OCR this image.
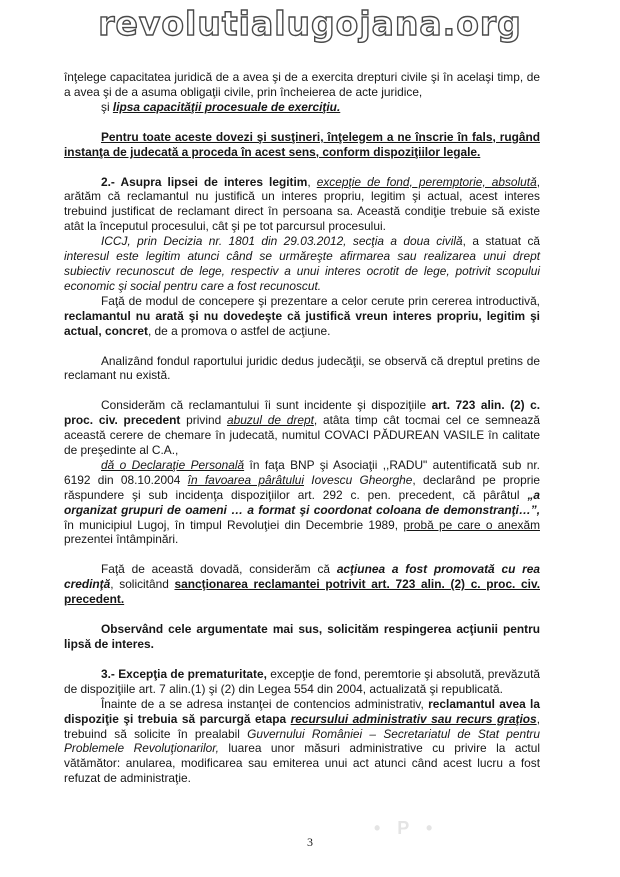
revolutialugojana.org

înţelege capacitatea juridică de a avea şi de a exercita drepturi civile şi în acelaşi timp, de a avea şi de a asuma obligaţii civile, prin încheierea de acte juridice,
şi lipsa capacităţii procesuale de exerciţiu.

Pentru toate aceste dovezi şi susţineri, înţelegem a ne înscrie în fals, rugând instanţa de judecată a proceda în acest sens, conform dispoziţiilor legale.

2.- Asupra lipsei de interes legitim, excepţie de fond, peremptorie, absolută, arătăm că reclamantul nu justifică un interes propriu, legitim şi actual, acest interes trebuind justificat de reclamant direct în persoana sa. Această condiţie trebuie să existe atât la începutul procesului, cât şi pe tot parcursul procesului.

ICCJ, prin Decizia nr. 1801 din 29.03.2012, secţia a doua civilă, a statuat că interesul este legitim atunci când se urmăreşte afirmarea sau realizarea unui drept subiectiv recunoscut de lege, respectiv a unui interes ocrotit de lege, potrivit scopului economic şi social pentru care a fost recunoscut.

Faţă de modul de concepere şi prezentare a celor cerute prin cererea introductivă, reclamantul nu arată şi nu dovedeşte că justifică vreun interes propriu, legitim şi actual, concret, de a promova o astfel de acţiune.

Analizând fondul raportului juridic dedus judecăţii, se observă că dreptul pretins de reclamant nu există.

Considerăm că reclamantului îi sunt incidente şi dispoziţiile art. 723 alin. (2) c. proc. civ. precedent privind abuzul de drept, atâta timp cât tocmai cel ce semnează această cerere de chemare în judecată, numitul COVACI PĂDUREAN VASILE în calitate de preşedinte al C.A.,

dă o Declaraţie Personală în faţa BNP şi Asociaţii ,,RADU" autentificată sub nr. 6192 din 08.10.2004 în favoarea pârâtului Iovescu Gheorghe, declarând pe proprie răspundere şi sub incidenţa dispoziţiilor art. 292 c. pen. precedent, că pârâtul „a organizat grupuri de oameni … a format şi coordonat coloana de demonstranţi…”, în municipiul Lugoj, în timpul Revoluţiei din Decembrie 1989, probă pe care o anexăm prezentei întâmpinări.

Faţă de această dovadă, considerăm că acţiunea a fost promovată cu rea credinţă, solicitând sancţionarea reclamantei potrivit art. 723 alin. (2) c. proc. civ. precedent.

Observând cele argumentate mai sus, solicităm respingerea acţiunii pentru lipsă de interes.

3.- Excepţia de prematuritate, excepţie de fond, peremtorie şi absolută, prevăzută de dispoziţiile art. 7 alin.(1) şi (2) din Legea 554 din 2004, actualizată şi republicată.

Înainte de a se adresa instanţei de contencios administrativ, reclamantul avea la dispoziţie şi trebuia să parcurgă etapa recursului administrativ sau recurs graţios, trebuind să solicite în prealabil Guvernului României – Secretariatul de Stat pentru Problemele Revoluţionarilor, luarea unor măsuri administrative cu privire la actul vătămător: anularea, modificarea sau emiterea unui act atunci când acest lucru a fost refuzat de administraţie.

• P •
3
